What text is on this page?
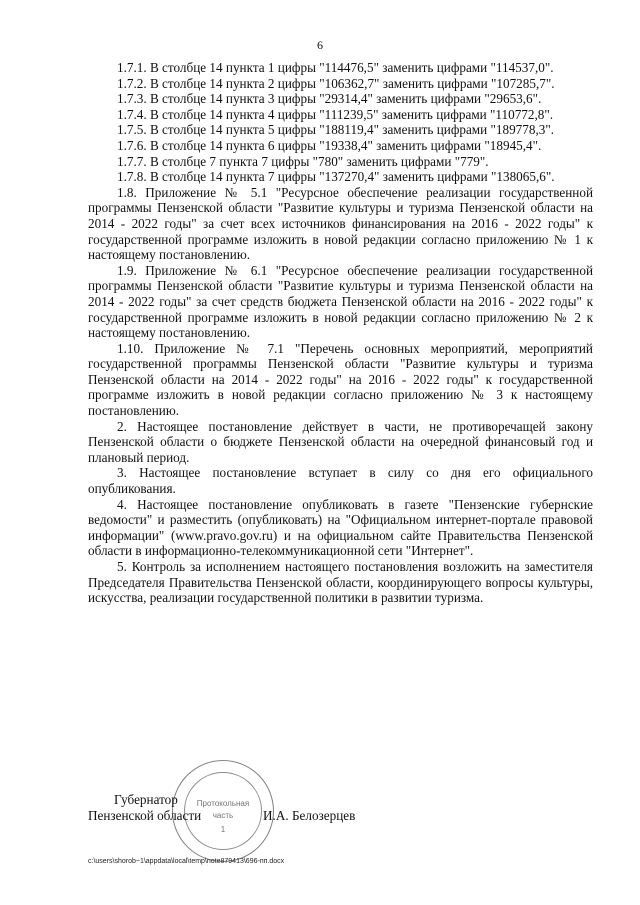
6

1.7.1. В столбце 14 пункта 1 цифры "114476,5" заменить цифрами "114537,0".

1.7.2. В столбце 14 пункта 2 цифры "106362,7" заменить цифрами "107285,7".

1.7.3. В столбце 14 пункта 3 цифры "29314,4" заменить цифрами "29653,6".

1.7.4. В столбце 14 пункта 4 цифры "111239,5" заменить цифрами "110772,8".

1.7.5. В столбце 14 пункта 5 цифры "188119,4" заменить цифрами "189778,3".

1.7.6. В столбце 14 пункта 6 цифры "19338,4" заменить цифрами "18945,4".

1.7.7. В столбце 7 пункта 7 цифры "780" заменить цифрами "779".

1.7.8. В столбце 14 пункта 7 цифры "137270,4" заменить цифрами "138065,6".

1.8. Приложение № 5.1 "Ресурсное обеспечение реализации государственной программы Пензенской области "Развитие культуры и туризма Пензенской области на 2014 - 2022 годы" за счет всех источников финансирования на 2016 - 2022 годы" к государственной программе изложить в новой редакции согласно приложению № 1 к настоящему постановлению.

1.9. Приложение № 6.1 "Ресурсное обеспечение реализации государственной программы Пензенской области "Развитие культуры и туризма Пензенской области на 2014 - 2022 годы" за счет средств бюджета Пензенской области на 2016 - 2022 годы" к государственной программе изложить в новой редакции согласно приложению № 2 к настоящему постановлению.

1.10. Приложение № 7.1 "Перечень основных мероприятий, мероприятий государственной программы Пензенской области "Развитие культуры и туризма Пензенской области на 2014 - 2022 годы" на 2016 - 2022 годы" к государственной программе изложить в новой редакции согласно приложению № 3 к настоящему постановлению.

2. Настоящее постановление действует в части, не противоречащей закону Пензенской области о бюджете Пензенской области на очередной финансовый год и плановый период.

3. Настоящее постановление вступает в силу со дня его официального опубликования.

4. Настоящее постановление опубликовать в газете "Пензенские губернские ведомости" и разместить (опубликовать) на "Официальном интернет-портале правовой информации" (www.pravo.gov.ru) и на официальном сайте Правительства Пензенской области в информационно-телекоммуникационной сети "Интернет".

5. Контроль за исполнением настоящего постановления возложить на заместителя Председателя Правительства Пензенской области, координирующего вопросы культуры, искусства, реализации государственной политики в развитии туризма.

Протокольная
часть
1
Губернатор
Пензенской области	И.А. Белозерцев
c:\users\shorob~1\appdata\local\temp\note879413\696-пп.docx
